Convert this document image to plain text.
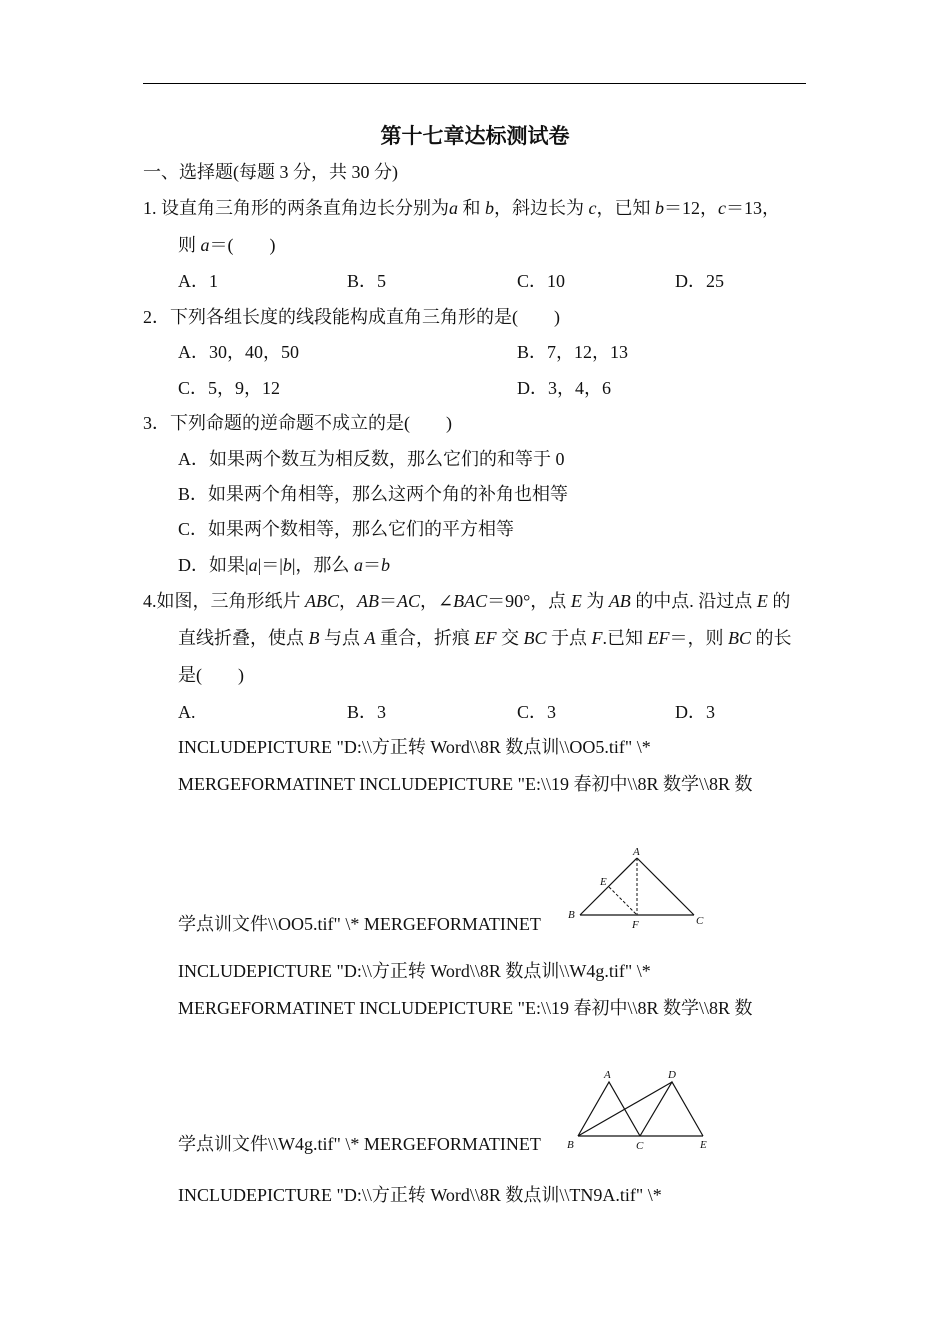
第十七章达标测试卷
一、选择题(每题 3 分，共 30 分)
1. 设直角三角形的两条直角边长分别为a 和 b，斜边长为 c，已知 b＝12，c＝13，
则 a＝(　　)
A．1	B．5	C．10	D．25
2．下列各组长度的线段能构成直角三角形的是(　　)
A．30，40，50	B．7，12，13
C．5，9，12	D．3，4，6
3．下列命题的逆命题不成立的是(　　)
A．如果两个数互为相反数，那么它们的和等于 0
B．如果两个角相等，那么这两个角的补角也相等
C．如果两个数相等，那么它们的平方相等
D．如果|a|＝|b|，那么 a＝b
4.如图，三角形纸片 ABC，AB＝AC，∠BAC＝90°，点 E 为 AB 的中点. 沿过点 E 的
直线折叠，使点 B 与点 A 重合，折痕 EF 交 BC 于点 F.已知 EF＝，则 BC 的长
是(　　)
A.	B．3	C．3	D．3
INCLUDEPICTURE "D:\\方正转 Word\\8R 数点训\\OO5.tif" \*
MERGEFORMATINET INCLUDEPICTURE "E:\\19 春初中\\8R 数学\\8R 数
学点训文件\\OO5.tif" \* MERGEFORMATINET
A
E
B
F	C
INCLUDEPICTURE "D:\\方正转 Word\\8R 数点训\\W4g.tif" \*
MERGEFORMATINET INCLUDEPICTURE "E:\\19 春初中\\8R 数学\\8R 数
学点训文件\\W4g.tif" \* MERGEFORMATINET
A	D
B	C	E
INCLUDEPICTURE "D:\\方正转 Word\\8R 数点训\\TN9A.tif" \*
